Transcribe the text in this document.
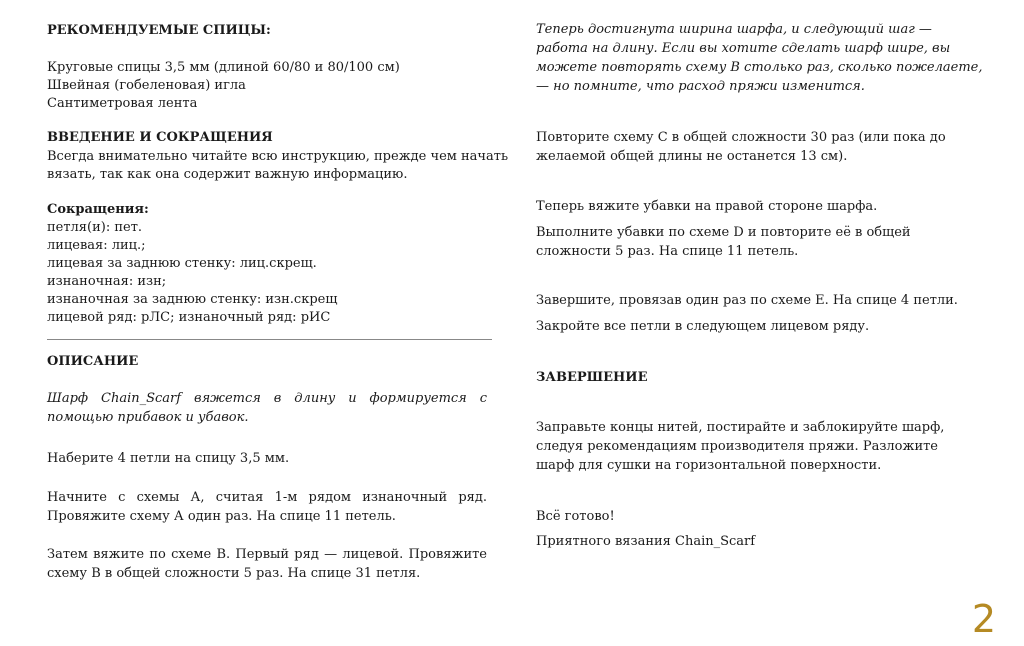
РЕКОМЕНДУЕМЫЕ СПИЦЫ:
Круговые спицы 3,5 мм (длиной 60/80 и 80/100 см)
Швейная (гобеленовая) игла
Сантиметровая лента
ВВЕДЕНИЕ И СОКРАЩЕНИЯ
Всегда внимательно читайте всю инструкцию, прежде чем начать
вязать, так как она содержит важную информацию.
Сокращения:
петля(и): пет.
лицевая: лиц.;
лицевая за заднюю стенку: лиц.скрещ.
изнаночная: изн;
изнаночная за заднюю стенку: изн.скрещ
лицевой ряд: рЛС; изнаночный ряд: рИС
ОПИСАНИЕ
Шарф Chain_Scarf вяжется в длину и формируется с
помощью прибавок и убавок.
Наберите 4 петли на спицу 3,5 мм.
Начните с схемы А, считая 1-м рядом изнаночный ряд.
Провяжите схему А один раз. На спице 11 петель.
Затем вяжите по схеме В. Первый ряд — лицевой. Провяжите
схему В в общей сложности 5 раз. На спице 31 петля.
Теперь достигнута ширина шарфа, и следующий шаг —
работа на длину. Если вы хотите сделать шарф шире, вы
можете повторять схему В столько раз, сколько пожелаете,
— но помните, что расход пряжи изменится.
Повторите схему С в общей сложности 30 раз (или пока до
желаемой общей длины не останется 13 см).
Теперь вяжите убавки на правой стороне шарфа.
Выполните убавки по схеме D и повторите её в общей
сложности 5 раз. На спице 11 петель.
Завершите, провязав один раз по схеме Е. На спице 4 петли.
Закройте все петли в следующем лицевом ряду.
ЗАВЕРШЕНИЕ
Заправьте концы нитей, постирайте и заблокируйте шарф,
следуя рекомендациям производителя пряжи. Разложите
шарф для сушки на горизонтальной поверхности.
Всё готово!
Приятного вязания Chain_Scarf
2
